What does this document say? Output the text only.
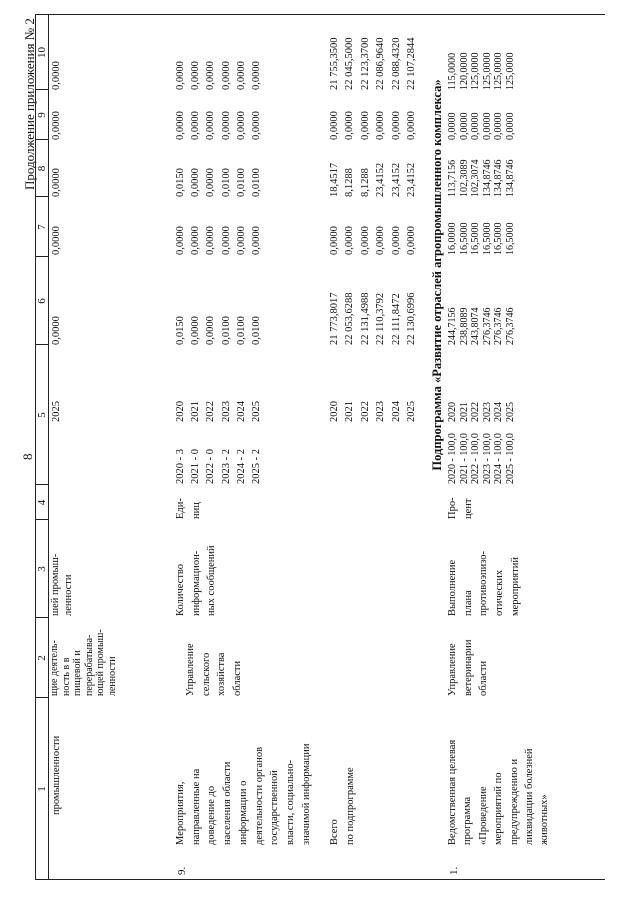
8
Продолжение приложения № 2
1
2
3
4
5
6
7
8
9
10
промышленности
щие деятель- ность в в пищевой и перерабатыва- ющей промыш- ленности
шей промыш- ленности
2025
0,0000
0,0000
0,0000
0,0000
0,0000
9.
Мероприятия, направленные на доведение до населения области информации о деятельности органов государственной власти, социально- значимой информации
Управление сельского хозяйства области
Количество информацион- ных сообщений
Еди- ниц
2020 - 3 2021 - 0 2022 - 0 2023 - 2 2024 - 2 2025 - 2
2020 2021 2022 2023 2024 2025
0,0150 0,0000 0,0000 0,0100 0,0100 0,0100
0,0000 0,0000 0,0000 0,0000 0,0000 0,0000
0,0150 0,0000 0,0000 0,0100 0,0100 0,0100
0,0000 0,0000 0,0000 0,0000 0,0000 0,0000
0,0000 0,0000 0,0000 0,0000 0,0000 0,0000
Всего по подпрограмме
2020 2021 2022 2023 2024 2025
21 773,8017 22 053,6288 22 131,4988 22 110,3792 22 111,8472 22 130,6996
0,0000 0,0000 0,0000 0,0000 0,0000 0,0000
18,4517 8,1288 8,1288 23,4152 23,4152 23,4152
0,0000 0,0000 0,0000 0,0000 0,0000 0,0000
21 755,3500 22 045,5000 22 123,3700 22 086,9640 22 088,4320 22 107,2844
Подпрограмма «Развитие отраслей агропромышленного комплекса»
1.
Ведомственная целевая программа «Проведение мероприятий по предупреждению и ликвидации болезней животных»
Управление ветеринарии области
Выполнение плана противоэпизо- отических мероприятий
Про- цент
2020 - 100,0 2021 - 100,0 2022 - 100,0 2023 - 100,0 2024 - 100,0 2025 - 100,0
2020 2021 2022 2023 2024 2025
244,7156 238,8089 243,8074 276,3746 276,3746 276,3746
16,0000 16,5000 16,5000 16,5000 16,5000 16,5000
113,7156 102,3089 102,3074 134,8746 134,8746 134,8746
0,0000 0,0000 0,0000 0,0000 0,0000 0,0000
115,0000 120,0000 125,0000 125,0000 125,0000 125,0000
